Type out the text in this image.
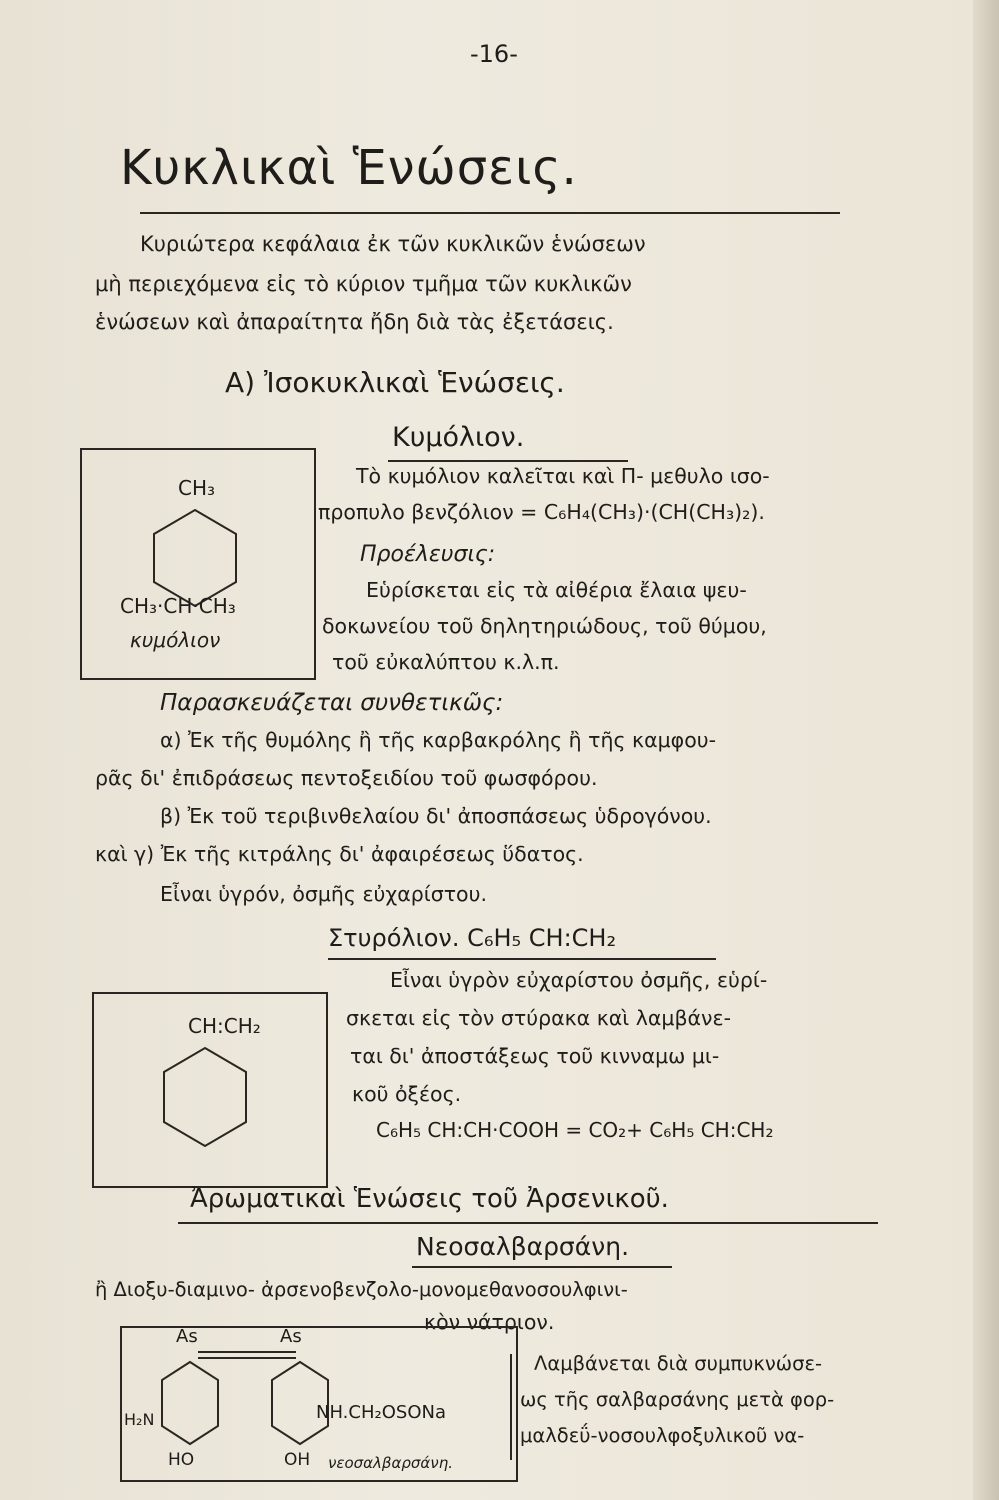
-16-
Κυκλικαὶ Ἑνώσεις.
Κυριώτερα κεφάλαια ἐκ τῶν κυκλικῶν ἑνώσεων
μὴ περιεχόμενα εἰς τὸ κύριον τμῆμα τῶν κυκλικῶν
ἑνώσεων καὶ ἀπαραίτητα ἤδη διὰ τὰς ἐξετάσεις.
Α) Ἰσοκυκλικαὶ Ἑνώσεις.
Κυμόλιον.
CH₃
CH₃·CH·CH₃
κυμόλιον
Τὸ κυμόλιον καλεῖται καὶ Π- μεθυλο ισο-
προπυλο βενζόλιον = C₆H₄(CH₃)·(CH(CH₃)₂).
Προέλευσις:
Εὑρίσκεται εἰς τὰ αἰθέρια ἔλαια ψευ-
δοκωνείου τοῦ δηλητηριώδους, τοῦ θύμου,
τοῦ εὐκαλύπτου κ.λ.π.
Παρασκευάζεται συνθετικῶς:
α) Ἐκ τῆς θυμόλης ἢ τῆς καρβακρόλης ἢ τῆς καμφου-
ρᾶς δι' ἐπιδράσεως πεντοξειδίου τοῦ φωσφόρου.
β) Ἐκ τοῦ τεριβινθελαίου δι' ἀποσπάσεως ὑδρογόνου.
καὶ γ) Ἐκ τῆς κιτράλης δι' ἀφαιρέσεως ὕδατος.
Εἶναι ὑγρόν, ὀσμῆς εὐχαρίστου.
Στυρόλιον. C₆H₅ CH:CH₂
CH:CH₂
Εἶναι ὑγρὸν εὐχαρίστου ὀσμῆς, εὑρί-
σκεται εἰς τὸν στύρακα καὶ λαμβάνε-
ται δι' ἀποστάξεως τοῦ κινναμω μι-
κοῦ ὀξέος.
C₆H₅ CH:CH·COOH = CO₂+ C₆H₅ CH:CH₂
Ἀρωματικαὶ Ἑνώσεις τοῦ Ἀρσενικοῦ.
Νεοσαλβαρσάνη.
ἢ Διοξυ-διαμινο- ἀρσενοβενζολο-μονομεθανοσουλφινι-
κὸν νάτριον.
As	As
H₂N	NH.CH₂OSONa
HO	OH νεοσαλβαρσάνη.
Λαμβάνεται διὰ συμπυκνώσε-
ως τῆς σαλβαρσάνης μετὰ φορ-
μαλδεΰ-νοσουλφοξυλικοῦ να-
